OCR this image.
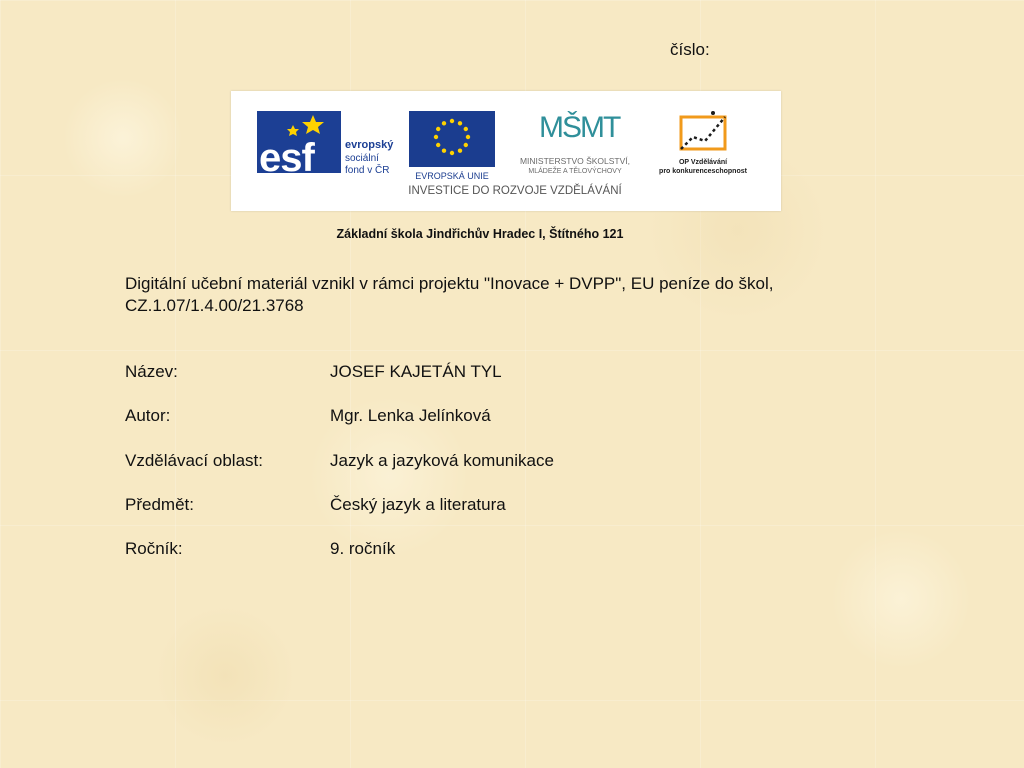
číslo:
esf	evropský
sociální
fond v ČR	EVROPSKÁ UNIE
MŠMT
MINISTERSTVO ŠKOLSTVÍ,
MLÁDEŽE A TĚLOVÝCHOVY
OP Vzdělávání
pro konkurenceschopnost
INVESTICE DO ROZVOJE VZDĚLÁVÁNÍ
Základní škola Jindřichův Hradec I, Štítného 121
Digitální učební materiál vznikl v rámci projektu "Inovace + DVPP", EU peníze do škol,
CZ.1.07/1.4.00/21.3768
Název:	JOSEF KAJETÁN TYL
Autor:	Mgr. Lenka Jelínková
Vzdělávací oblast:	Jazyk a jazyková komunikace
Předmět:	Český jazyk a literatura
Ročník:	9. ročník
